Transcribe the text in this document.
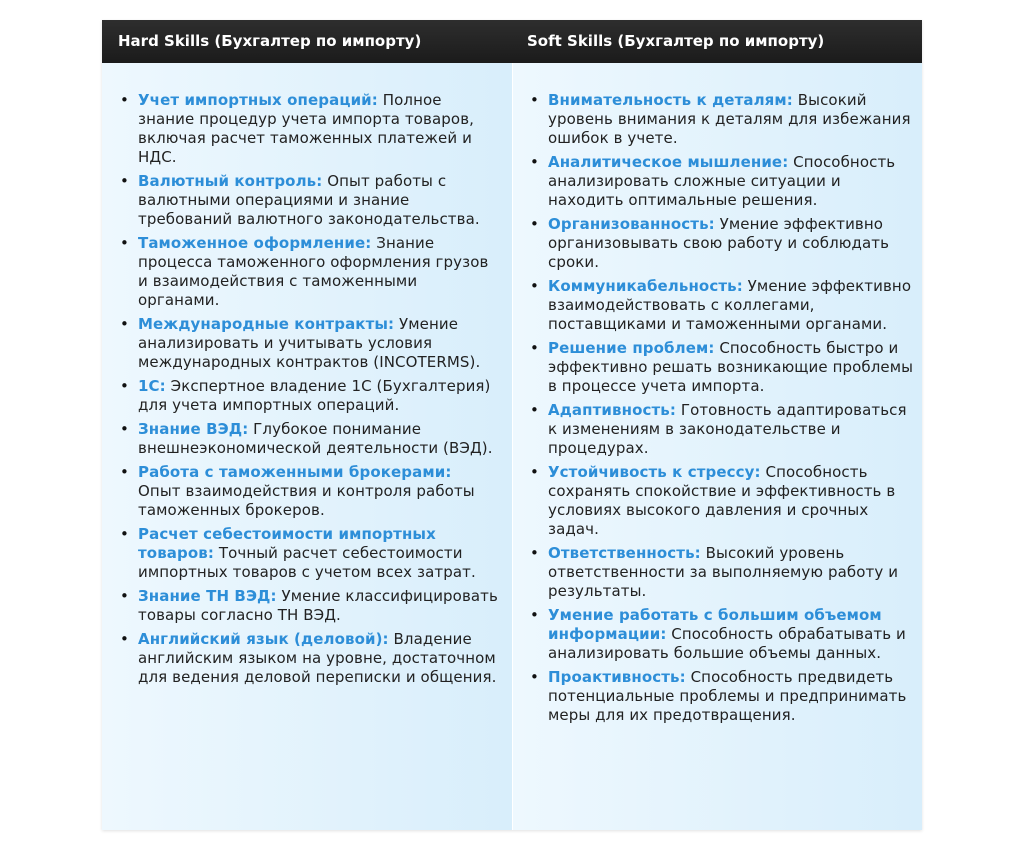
Hard Skills (Бухгалтер по импорту)	Soft Skills (Бухгалтер по импорту)
• Учет импортных операций: Полное знание процедур учета импорта товаров, включая расчет таможенных платежей и НДС.
• Валютный контроль: Опыт работы с валютными операциями и знание требований валютного законодательства.
• Таможенное оформление: Знание процесса таможенного оформления грузов и взаимодействия с таможенными органами.
• Международные контракты: Умение анализировать и учитывать условия международных контрактов (INCOTERMS).
• 1С: Экспертное владение 1С (Бухгалтерия) для учета импортных операций.
• Знание ВЭД: Глубокое понимание внешнеэкономической деятельности (ВЭД).
• Работа с таможенными брокерами: Опыт взаимодействия и контроля работы таможенных брокеров.
• Расчет себестоимости импортных товаров: Точный расчет себестоимости импортных товаров с учетом всех затрат.
• Знание ТН ВЭД: Умение классифицировать товары согласно ТН ВЭД.
• Английский язык (деловой): Владение английским языком на уровне, достаточном для ведения деловой переписки и общения.
• Внимательность к деталям: Высокий уровень внимания к деталям для избежания ошибок в учете.
• Аналитическое мышление: Способность анализировать сложные ситуации и находить оптимальные решения.
• Организованность: Умение эффективно организовывать свою работу и соблюдать сроки.
• Коммуникабельность: Умение эффективно взаимодействовать с коллегами, поставщиками и таможенными органами.
• Решение проблем: Способность быстро и эффективно решать возникающие проблемы в процессе учета импорта.
• Адаптивность: Готовность адаптироваться к изменениям в законодательстве и процедурах.
• Устойчивость к стрессу: Способность сохранять спокойствие и эффективность в условиях высокого давления и срочных задач.
• Ответственность: Высокий уровень ответственности за выполняемую работу и результаты.
• Умение работать с большим объемом информации: Способность обрабатывать и анализировать большие объемы данных.
• Проактивность: Способность предвидеть потенциальные проблемы и предпринимать меры для их предотвращения.
